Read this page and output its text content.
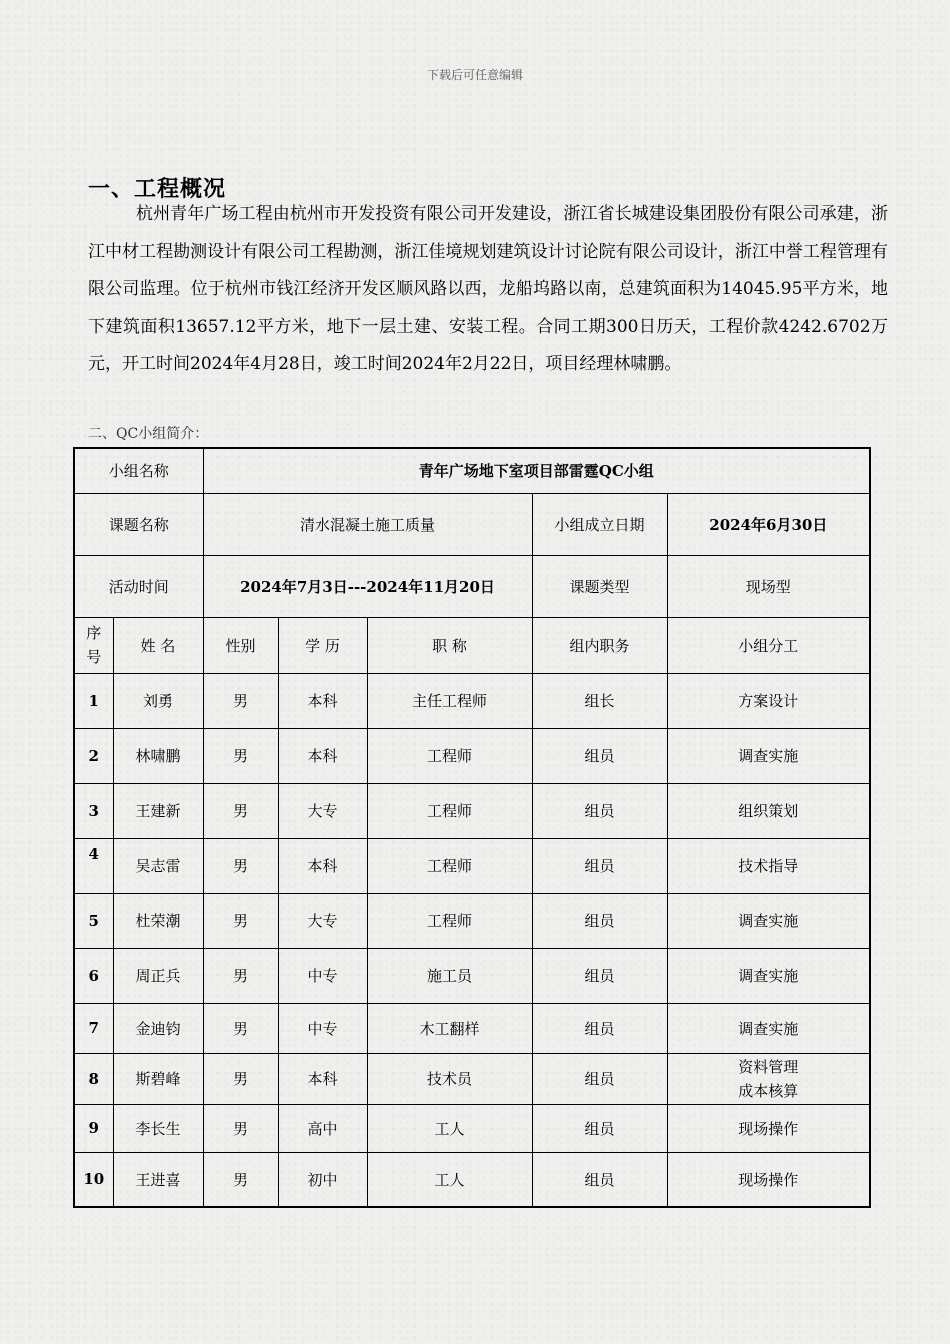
下载后可任意编辑
一、工程概况
杭州青年广场工程由杭州市开发投资有限公司开发建设，浙江省长城建设集团股份有限公司承建，浙江中材工程勘测设计有限公司工程勘测，浙江佳境规划建筑设计讨论院有限公司设计，浙江中誉工程管理有限公司监理。位于杭州市钱江经济开发区顺风路以西，龙船坞路以南，总建筑面积为14045.95平方米，地下建筑面积13657.12平方米，地下一层土建、安装工程。合同工期300日历天，工程价款4242.6702万元，开工时间2024年4月28日，竣工时间2024年2月22日，项目经理林啸鹏。
二、QC小组简介：
小组名称		青年广场地下室项目部雷霆QC小组				
课题名称		清水混凝土施工质量			小组成立日期	2024年6月30日
活动时间		2024年7月3日---2024年11月20日			课题类型	现场型
序号	姓 名	性别	学 历	职 称	组内职务	小组分工
1	刘勇	男	本科	主任工程师	组长	方案设计
2	林啸鹏	男	本科	工程师	组员	调查实施
3	王建新	男	大专	工程师	组员	组织策划
4	吴志雷	男	本科	工程师	组员	技术指导
5	杜荣潮	男	大专	工程师	组员	调查实施
6	周正兵	男	中专	施工员	组员	调查实施
7	金迪钧	男	中专	木工翻样	组员	调查实施
8	斯碧峰	男	本科	技术员	组员	资料管理
成本核算

9	李长生	男	高中	工人	组员	现场操作
10	王进喜	男	初中	工人	组员	现场操作
